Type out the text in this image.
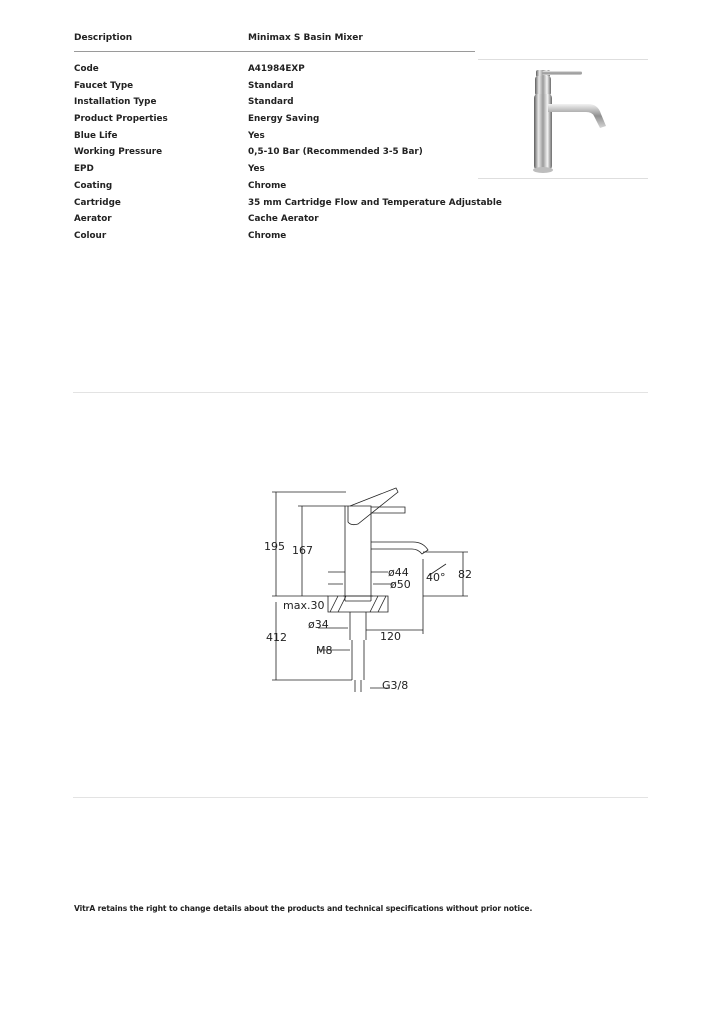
Description	Minimax S Basin Mixer
Code	A41984EXP
Faucet Type	Standard
Installation Type	Standard
Product Properties	Energy Saving
Blue Life	Yes
Working Pressure	0,5-10 Bar (Recommended 3-5 Bar)
EPD	Yes
Coating	Chrome
Cartridge	35 mm Cartridge Flow and Temperature Adjustable
Aerator	Cache Aerator
Colour	Chrome
195 167
ø44
ø50
40° 82
max.30
ø34
120
412
M8
G3/8
VitrA retains the right to change details about the products and technical specifications without prior notice.
